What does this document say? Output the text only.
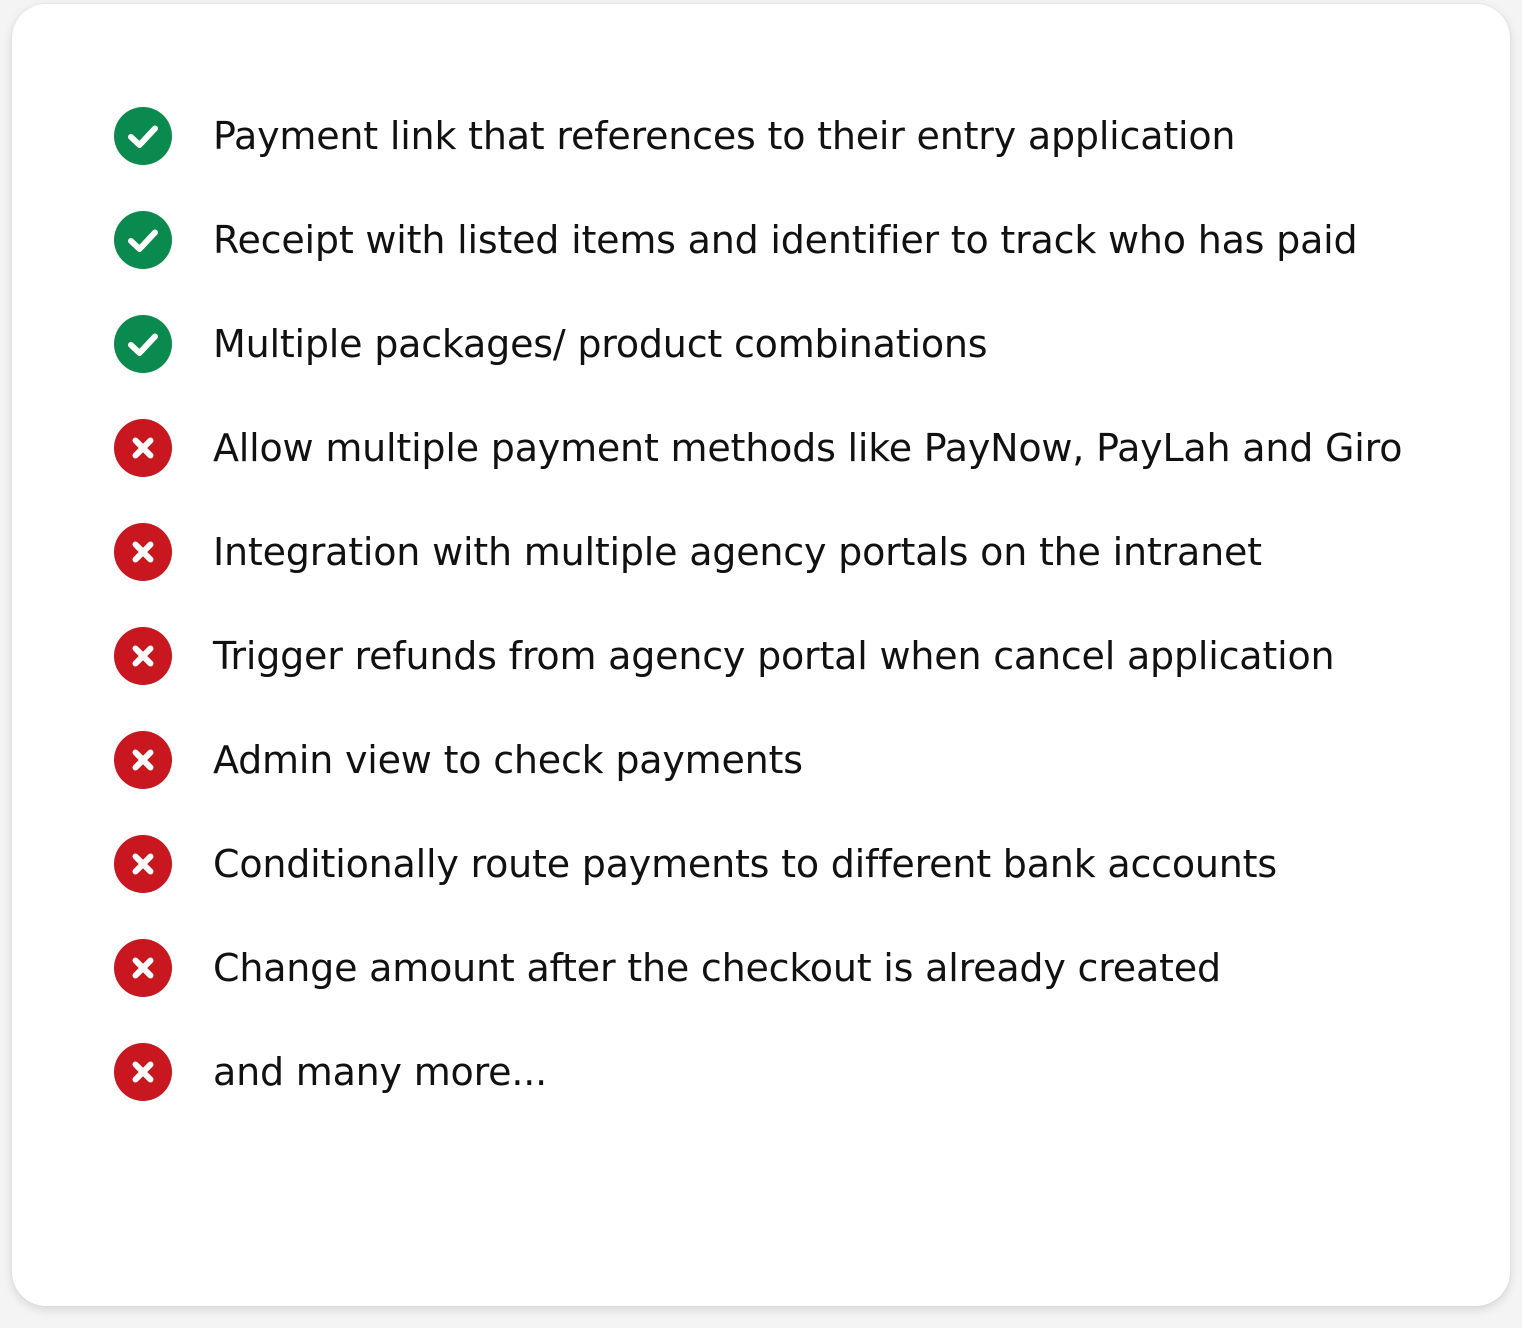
Payment link that references to their entry application
Receipt with listed items and identifier to track who has paid
Multiple packages/ product combinations
Allow multiple payment methods like PayNow, PayLah and Giro
Integration with multiple agency portals on the intranet
Trigger refunds from agency portal when cancel application
Admin view to check payments
Conditionally route payments to different bank accounts
Change amount after the checkout is already created
and many more...
